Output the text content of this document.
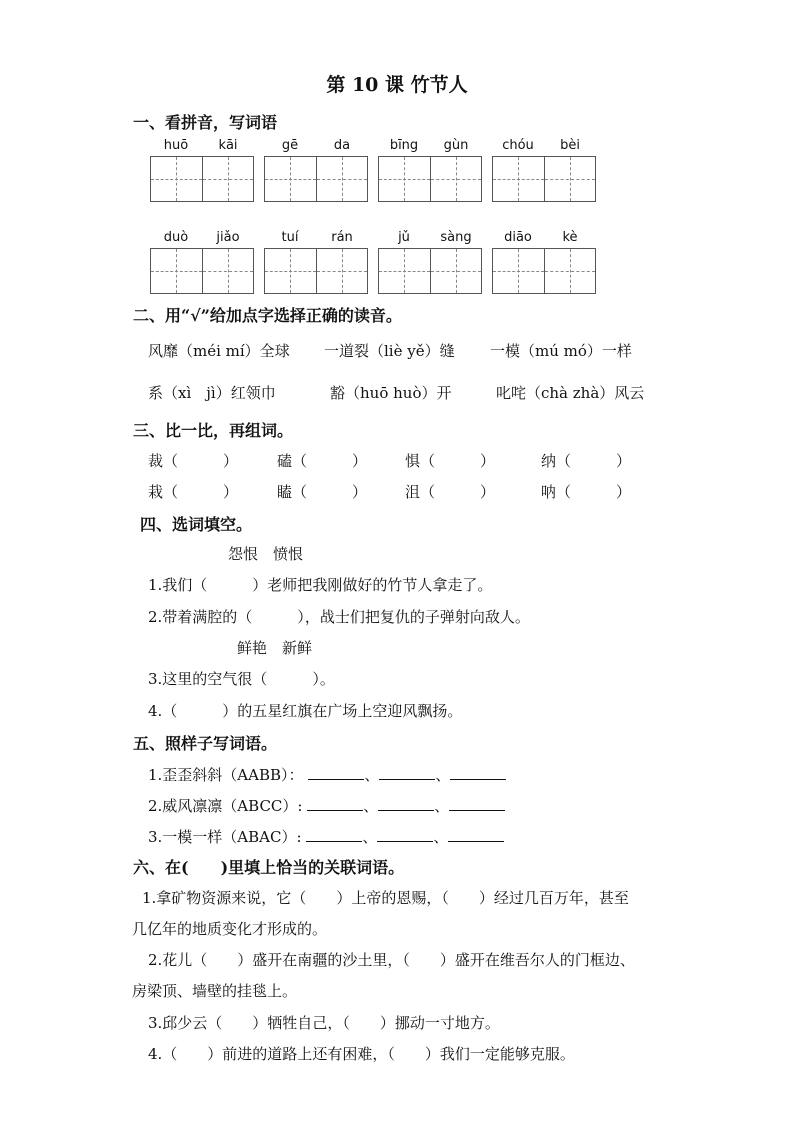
第 10 课 竹节人
一、看拼音，写词语
huō	kāi	gē	da	bīng	gùn	chóu	bèi
duò	jiǎo	tuí	rán	jǔ	sàng	diāo	kè
二、用“√”给加点字选择正确的读音。
风靡（méi mí）全球 一道裂（liè yě）缝 一模（mú mó）一样
系（xì　jì）红领巾	豁（huō huò）开	叱咤（chà zhà）风云
三、比一比，再组词。
裁（　　　）	磕（　　　）	惧（　　　）	纳（　　　）
栽（　　　）	瞌（　　　）	沮（　　　）	呐（　　　）
四、选词填空。
怨恨　愤恨
1.我们（　　　）老师把我刚做好的竹节人拿走了。
2.带着满腔的（　　　），战士们把复仇的子弹射向敌人。
鲜艳　新鲜
3.这里的空气很（　　　）。
4.（　　　）的五星红旗在广场上空迎风飘扬。
五、照样子写词语。
1.歪歪斜斜（AABB）：	、	、
2.威风凛凛（ABCC）:	、	、
3.一模一样（ABAC）:	、	、
六、在(　　)里填上恰当的关联词语。
1.拿矿物资源来说，它（　　）上帝的恩赐，（　　）经过几百万年，甚至
几亿年的地质变化才形成的。
2.花儿（　　）盛开在南疆的沙土里，（　　）盛开在维吾尔人的门框边、
房梁顶、墙壁的挂毯上。
3.邱少云（　　）牺牲自己，（　　）挪动一寸地方。
4.（　　）前进的道路上还有困难，（　　）我们一定能够克服。
